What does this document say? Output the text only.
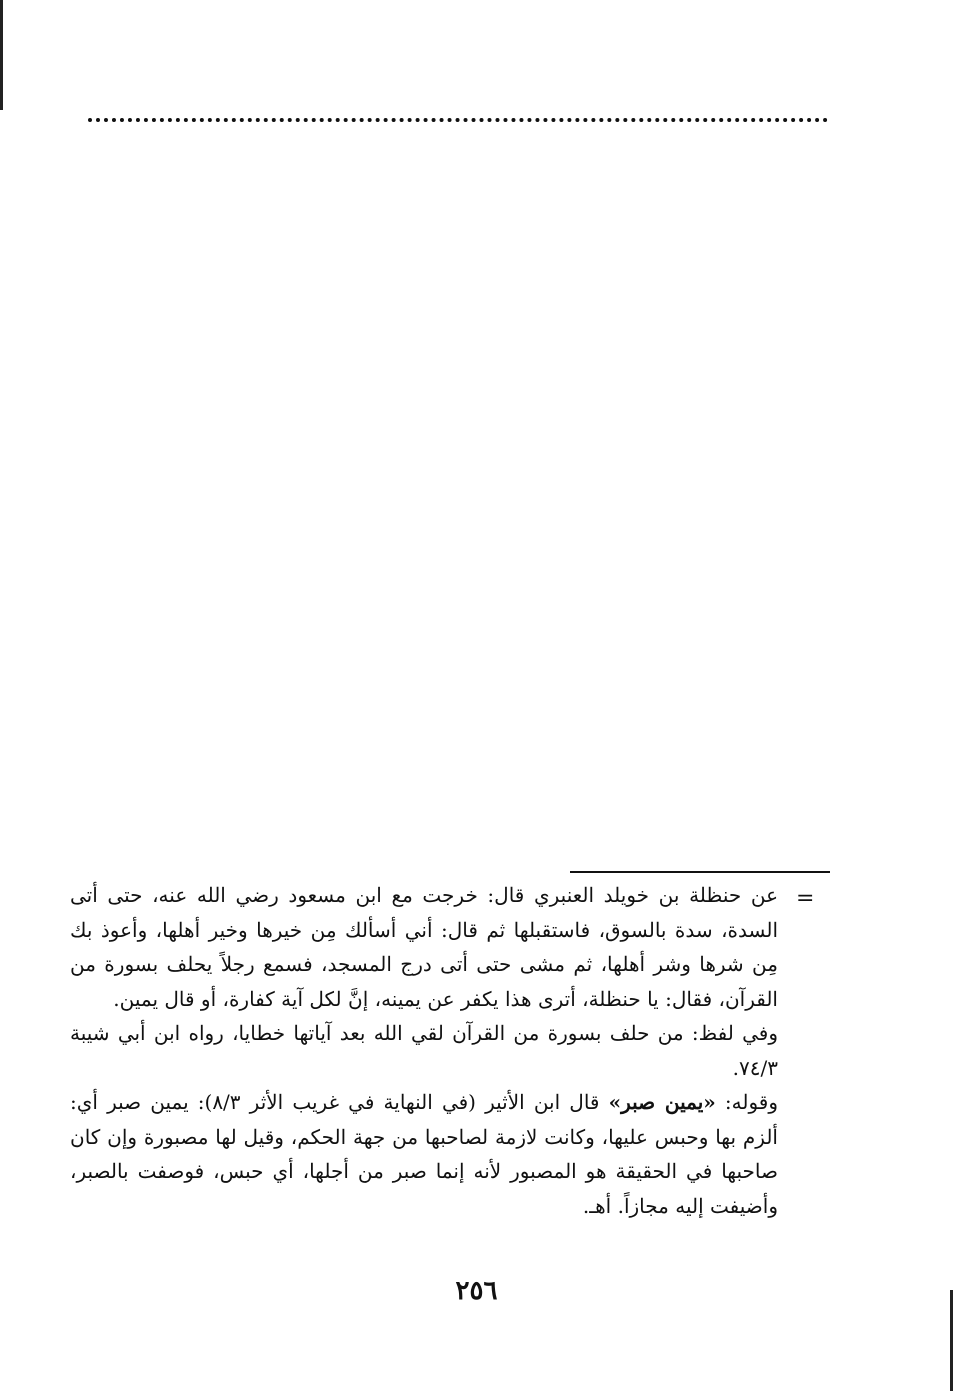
=

عن حنظلة بن خويلد العنبري قال: خرجت مع ابن مسعود رضي الله عنه، حتى أتى السدة، سدة بالسوق، فاستقبلها ثم قال: أني أسألك مِن خيرها وخير أهلها، وأعوذ بك مِن شرها وشر أهلها، ثم مشى حتى أتى درج المسجد، فسمع رجلاً يحلف بسورة من القرآن، فقال: يا حنظلة، أترى هذا يكفر عن يمينه، إنَّ لكل آية كفارة، أو قال يمين.

وفي لفظ: من حلف بسورة من القرآن لقي الله بعد آياتها خطايا، رواه ابن أبي شيبة ٧٤/٣.

وقوله: «يمين صبر» قال ابن الأثير (في النهاية في غريب الأثر ٨/٣): يمين صبر أي: ألزم بها وحبس عليها، وكانت لازمة لصاحبها من جهة الحكم، وقيل لها مصبورة وإن كان صاحبها في الحقيقة هو المصبور لأنه إنما صبر من أجلها، أي حبس، فوصفت بالصبر، وأضيفت إليه مجازاً. أهـ.

٢٥٦
